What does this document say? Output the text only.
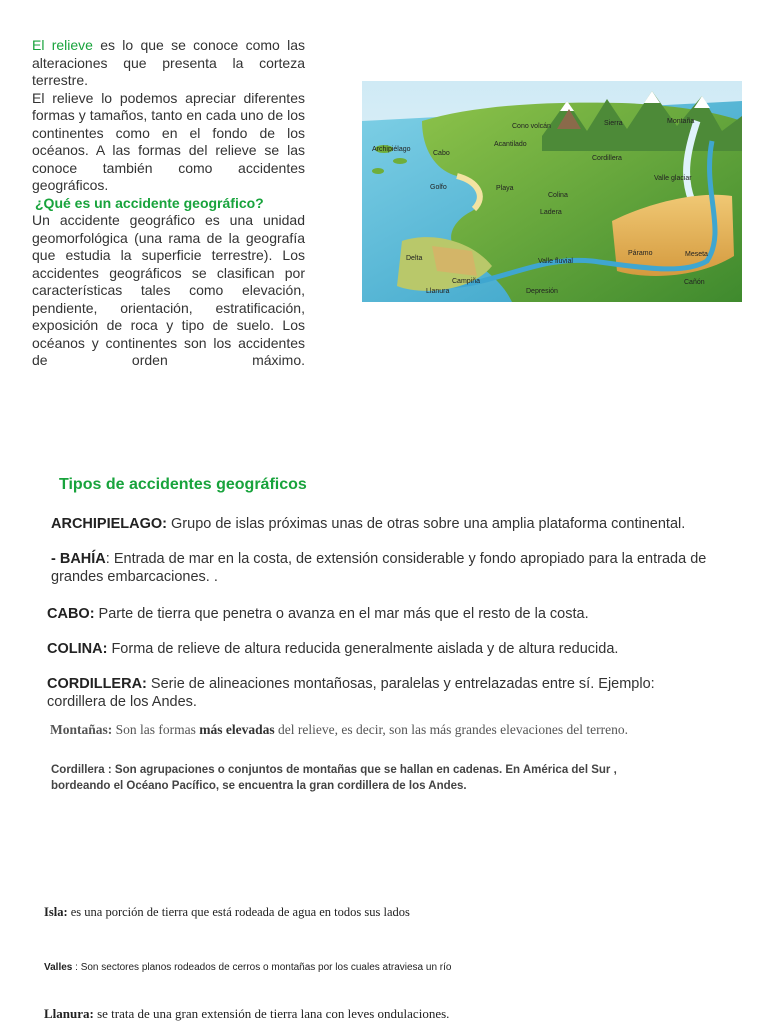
El relieve es lo que se conoce como las alteraciones que presenta la corteza terrestre.

El relieve lo podemos apreciar diferentes formas y tamaños, tanto en cada uno de los continentes como en el fondo de los océanos. A las formas del relieve se las conoce también como accidentes geográficos.

¿Qué es un accidente geográfico?

Un accidente geográfico es una unidad geomorfológica (una rama de la geografía que estudia la superficie terrestre). Los accidentes geográficos se clasifican por características tales como elevación, pendiente, orientación, estratificación, exposición de roca y tipo de suelo. Los océanos y continentes son los accidentes de orden máximo.

Cono volcán	Sierra	Montaña
Archipiélago
Cabo
Acantilado
Cordillera
Valle glaciar
Golfo	Playa
Colina
Ladera
Delta	Valle fluvial
Páramo	Meseta
Cañón
Campiña
Llanura	Depresión
Tipos de accidentes geográficos
ARCHIPIELAGO: Grupo de islas próximas unas de otras sobre una amplia plataforma continental.
- BAHÍA: Entrada de mar en la costa, de extensión considerable y fondo apropiado para la entrada de grandes embarcaciones. .
CABO: Parte de tierra que penetra o avanza en el mar más que el resto de la costa.
COLINA: Forma de relieve de altura reducida generalmente aislada y de altura reducida.
CORDILLERA: Serie de alineaciones montañosas, paralelas y entrelazadas entre sí. Ejemplo: cordillera de los Andes.
Montañas: Son las formas más elevadas del relieve, es decir, son las más grandes elevaciones del terreno.
Cordillera : Son agrupaciones o conjuntos de montañas que se hallan en cadenas. En América del Sur ,
bordeando el Océano Pacífico, se encuentra la gran cordillera de los Andes.
Isla: es una porción de tierra que está rodeada de agua en todos sus lados
Valles : Son sectores planos rodeados de cerros o montañas por los cuales atraviesa un río
Llanura: se trata de una gran extensión de tierra lana con leves ondulaciones.
